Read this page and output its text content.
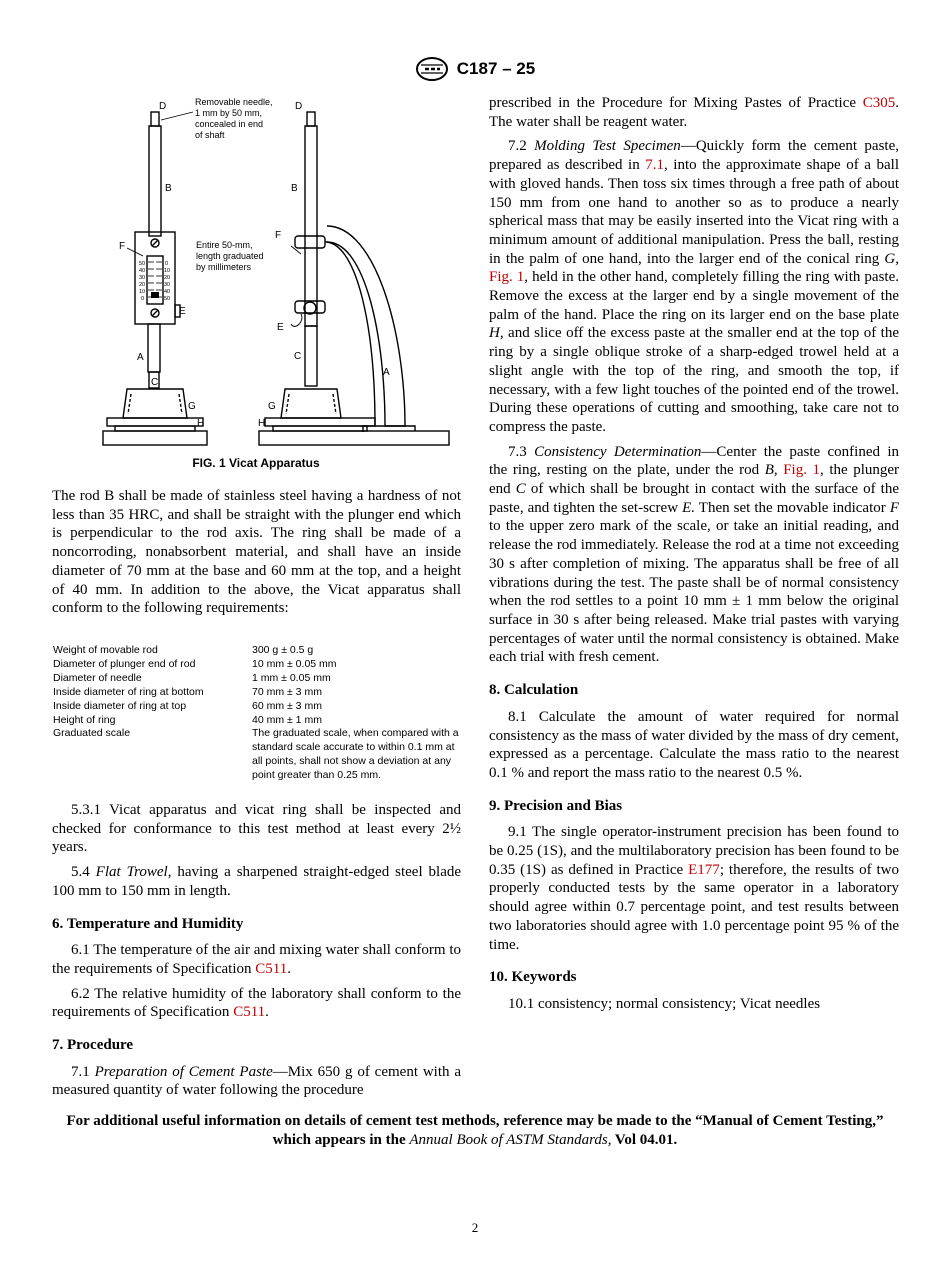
C187 – 25
D
B
F
E
A
C
G
H
D
B
F
E
C
A
G
H
Removable needle,
1 mm by 50 mm,
concealed in end
of shaft
Entire 50-mm,
length graduated
by millimeters
50
40
30
20
10
0
0
10
20
30
40
50
FIG. 1 Vicat Apparatus

The rod B shall be made of stainless steel having a hardness of not less than 35 HRC, and shall be straight with the plunger end which is perpendicular to the rod axis. The ring shall be made of a noncorroding, nonabsorbent material, and shall have an inside diameter of 70 mm at the base and 60 mm at the top, and a height of 40 mm. In addition to the above, the Vicat apparatus shall conform to the following requirements:

Weight of movable rod	300 g ± 0.5 g
Diameter of plunger end of rod	10 mm ± 0.05 mm
Diameter of needle	1 mm ± 0.05 mm
Inside diameter of ring at bottom	70 mm ± 3 mm
Inside diameter of ring at top	60 mm ± 3 mm
Height of ring	40 mm ± 1 mm
Graduated scale	The graduated scale, when compared with a standard scale accurate to within 0.1 mm at all points, shall not show a deviation at any point greater than 0.25 mm.

5.3.1 Vicat apparatus and vicat ring shall be inspected and checked for conformance to this test method at least every 2½ years.

5.4 Flat Trowel, having a sharpened straight-edged steel blade 100 mm to 150 mm in length.

6. Temperature and Humidity

6.1 The temperature of the air and mixing water shall conform to the requirements of Specification C511.

6.2 The relative humidity of the laboratory shall conform to the requirements of Specification C511.

7. Procedure

7.1 Preparation of Cement Paste—Mix 650 g of cement with a measured quantity of water following the procedure

prescribed in the Procedure for Mixing Pastes of Practice C305. The water shall be reagent water.

7.2 Molding Test Specimen—Quickly form the cement paste, prepared as described in 7.1, into the approximate shape of a ball with gloved hands. Then toss six times through a free path of about 150 mm from one hand to another so as to produce a nearly spherical mass that may be easily inserted into the Vicat ring with a minimum amount of additional manipulation. Press the ball, resting in the palm of one hand, into the larger end of the conical ring G, Fig. 1, held in the other hand, completely filling the ring with paste. Remove the excess at the larger end by a single movement of the palm of the hand. Place the ring on its larger end on the base plate H, and slice off the excess paste at the smaller end at the top of the ring by a single oblique stroke of a sharp-edged trowel held at a slight angle with the top of the ring, and smooth the top, if necessary, with a few light touches of the pointed end of the trowel. During these operations of cutting and smoothing, take care not to compress the paste.

7.3 Consistency Determination—Center the paste confined in the ring, resting on the plate, under the rod B, Fig. 1, the plunger end C of which shall be brought in contact with the surface of the paste, and tighten the set-screw E. Then set the movable indicator F to the upper zero mark of the scale, or take an initial reading, and release the rod immediately. Release the rod at a time not exceeding 30 s after completion of mixing. The apparatus shall be free of all vibrations during the test. The paste shall be of normal consistency when the rod settles to a point 10 mm ± 1 mm below the original surface in 30 s after being released. Make trial pastes with varying percentages of water until the normal consistency is obtained. Make each trial with fresh cement.

8. Calculation

8.1 Calculate the amount of water required for normal consistency as the mass of water divided by the mass of dry cement, expressed as a percentage. Calculate the mass ratio to the nearest 0.1 % and report the mass ratio to the nearest 0.5 %.

9. Precision and Bias

9.1 The single operator-instrument precision has been found to be 0.25 (1S), and the multilaboratory precision has been found to be 0.35 (1S) as defined in Practice E177; therefore, the results of two properly conducted tests by the same operator in a laboratory should agree within 0.7 percentage point, and test results between two laboratories should agree with 1.0 percentage point 95 % of the time.

10. Keywords

10.1 consistency; normal consistency; Vicat needles

For additional useful information on details of cement test methods, reference may be made to the “Manual of Cement Testing,” which appears in the Annual Book of ASTM Standards, Vol 04.01.
2
